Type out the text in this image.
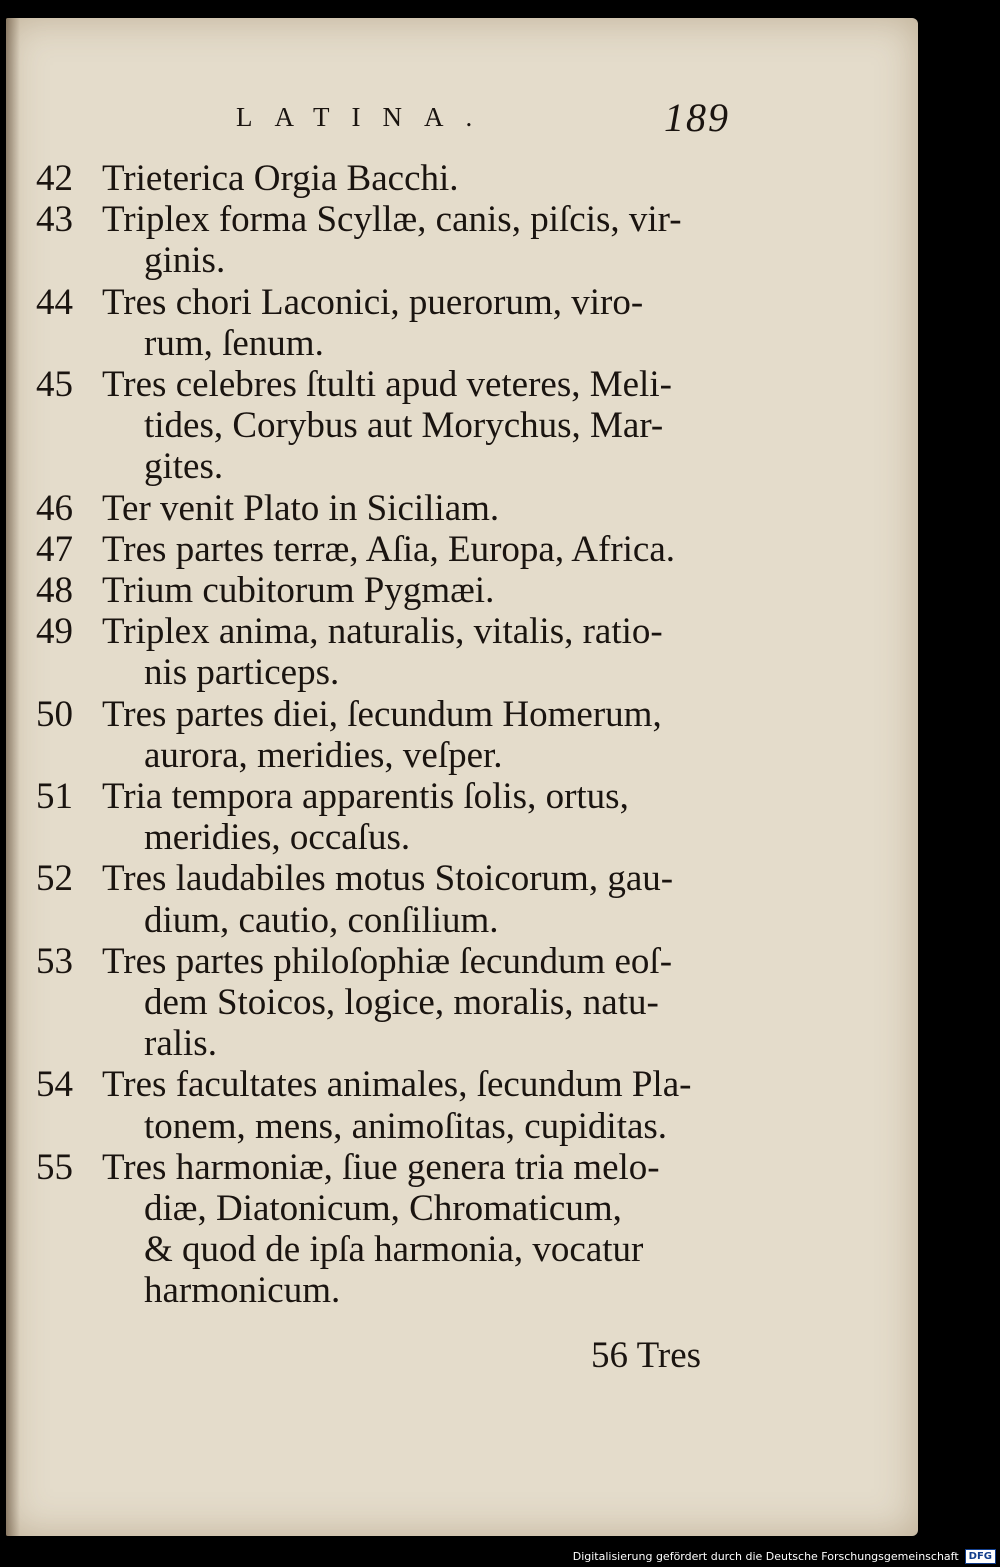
LATINA.	189
42 Trieterica Orgia Bacchi.
43 Triplex forma Scyllæ, canis, piſcis, vir-
ginis.
44 Tres chori Laconici, puerorum, viro-
rum, ſenum.
45 Tres celebres ſtulti apud veteres, Meli-
tides, Corybus aut Morychus, Mar-
gites.
46 Ter venit Plato in Siciliam.
47 Tres partes terræ, Aſia, Europa, Africa.
48 Trium cubitorum Pygmæi.
49 Triplex anima, naturalis, vitalis, ratio-
nis particeps.
50 Tres partes diei, ſecundum Homerum,
aurora, meridies, veſper.
51 Tria tempora apparentis ſolis, ortus,
meridies, occaſus.
52 Tres laudabiles motus Stoicorum, gau-
dium, cautio, conſilium.
53 Tres partes philoſophiæ ſecundum eoſ-
dem Stoicos, logice, moralis, natu-
ralis.
54 Tres facultates animales, ſecundum Pla-
tonem, mens, animoſitas, cupiditas.
55 Tres harmoniæ, ſiue genera tria melo-
diæ, Diatonicum, Chromaticum,
& quod de ipſa harmonia, vocatur
harmonicum.
56 Tres
Digitalisierung gefördert durch die Deutsche Forschungsgemeinschaft	DFG
